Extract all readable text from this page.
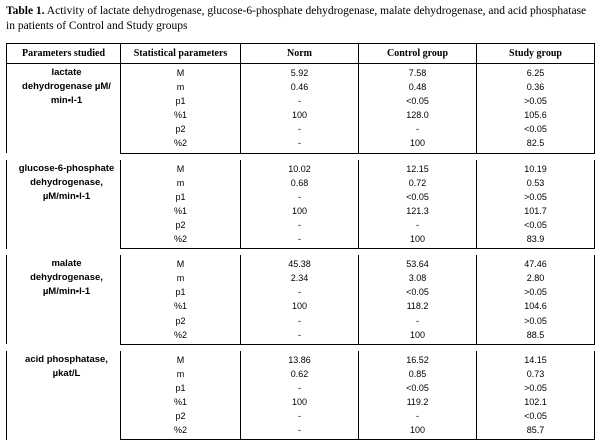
Table 1. Activity of lactate dehydrogenase, glucose-6-phosphate dehydrogenase, malate dehydrogenase, and acid phosphatase in patients of Control and Study groups
Parameters studied	Statistical parameters	Norm	Control group	Study group
lactate dehydrogenase µM/ min•l-1	M	5.92	7.58	6.25
	m	0.46	0.48	0.36
	p1	-	<0.05	>0.05
	%1	100	128.0	105.6
	p2	-	-	<0.05
	%2	-	100	82.5

glucose-6-phosphate dehydrogenase, µM/min•l-1	M	10.02	12.15	10.19
	m	0.68	0.72	0.53
	p1	-	<0.05	>0.05
	%1	100	121.3	101.7
	p2	-	-	<0.05
	%2	-	100	83.9

malate dehydrogenase, µM/min•l-1	M	45.38	53.64	47.46
	m	2.34	3.08	2.80
	p1	-	<0.05	>0.05
	%1	100	118.2	104.6
	p2	-	-	>0.05
	%2	-	100	88.5

acid phosphatase, µkat/L	M	13.86	16.52	14.15
	m	0.62	0.85	0.73
	p1	-	<0.05	>0.05
	%1	100	119.2	102.1
	p2	-	-	<0.05
	%2	-	100	85.7
